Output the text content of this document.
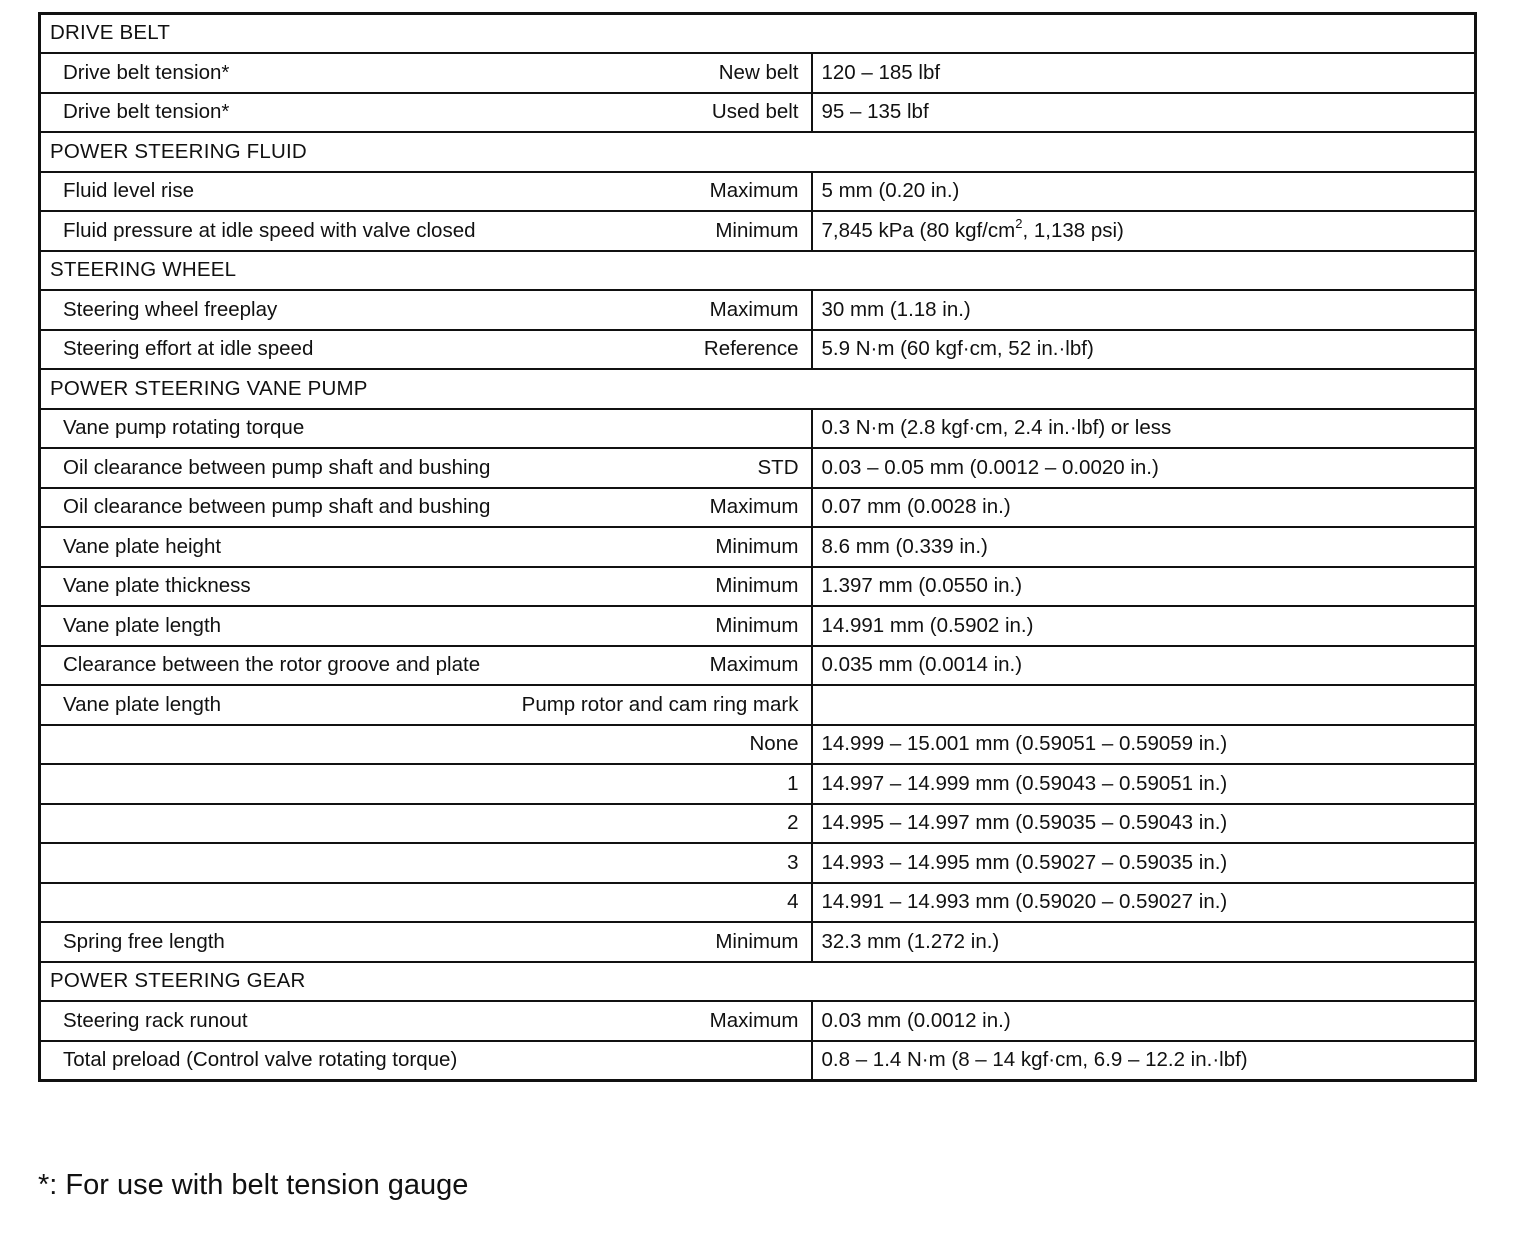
DRIVE BELT	

Drive belt tension* New belt	120 – 185 lbf

Drive belt tension* Used belt	95 – 135 lbf
POWER STEERING FLUID	

Fluid level rise Maximum	5 mm (0.20 in.)

Fluid pressure at idle speed with valve closed Minimum	7,845 kPa (80 kgf/$cm^2$, 1,138 psi)
STEERING WHEEL	

Steering wheel freeplay Maximum	30 mm (1.18 in.)

Steering effort at idle speed Reference	5.9 N·m (60 kgf·cm, 52 in.·lbf)
POWER STEERING VANE PUMP	

Vane pump rotating torque	0.3 N·m (2.8 kgf·cm, 2.4 in.·lbf) or less

Oil clearance between pump shaft and bushing STD	0.03 – 0.05 mm (0.0012 – 0.0020 in.)

Oil clearance between pump shaft and bushing Maximum	0.07 mm (0.0028 in.)

Vane plate height Minimum	8.6 mm (0.339 in.)

Vane plate thickness Minimum	1.397 mm (0.0550 in.)

Vane plate length Minimum	14.991 mm (0.5902 in.)

Clearance between the rotor groove and plate Maximum	0.035 mm (0.0014 in.)

Vane plate length Pump rotor and cam ring mark	

None	14.999 – 15.001 mm (0.59051 – 0.59059 in.)

1	14.997 – 14.999 mm (0.59043 – 0.59051 in.)

2	14.995 – 14.997 mm (0.59035 – 0.59043 in.)

3	14.993 – 14.995 mm (0.59027 – 0.59035 in.)

4	14.991 – 14.993 mm (0.59020 – 0.59027 in.)

Spring free length Minimum	32.3 mm (1.272 in.)
POWER STEERING GEAR	

Steering rack runout Maximum	0.03 mm (0.0012 in.)

Total preload (Control valve rotating torque)	0.8 – 1.4 N·m (8 – 14 kgf·cm, 6.9 – 12.2 in.·lbf)
*: For use with belt tension gauge
